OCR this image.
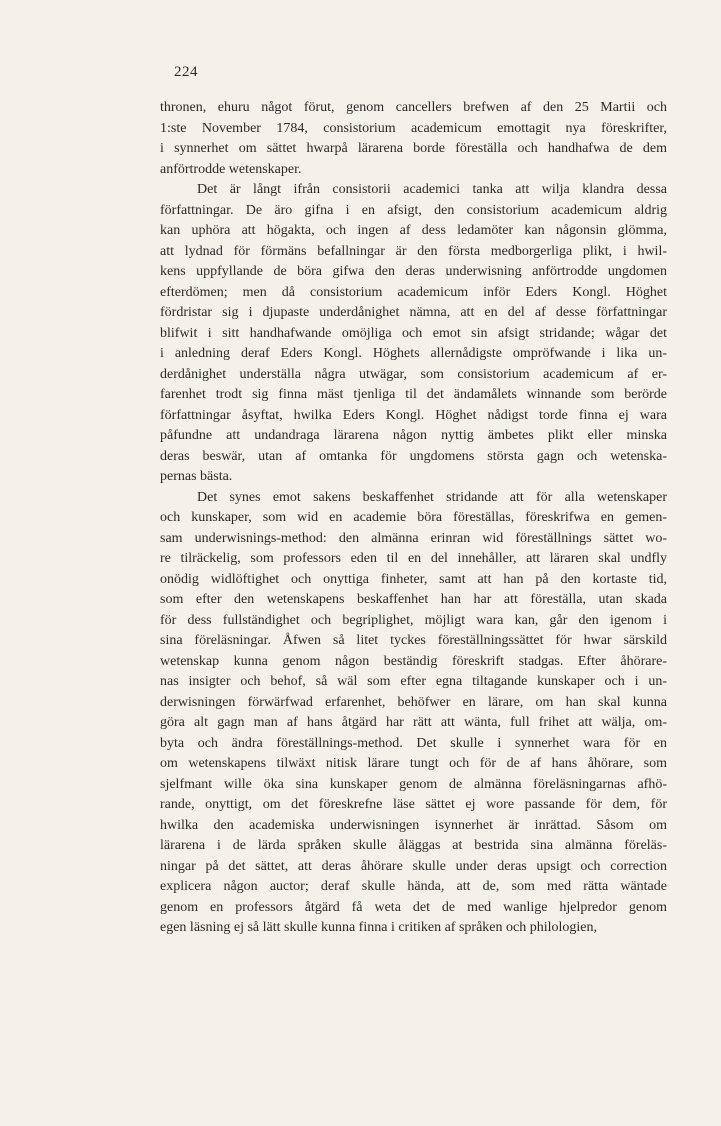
224
thronen, ehuru något förut, genom cancellers brefwen af den 25 Martii och
1:ste November 1784, consistorium academicum emottagit nya föreskrifter,
i synnerhet om sättet hwarpå lärarena borde föreställa och handhafwa de dem
anförtrodde wetenskaper.
Det är långt ifrån consistorii academici tanka att wilja klandra dessa
författningar. De äro gifna i en afsigt, den consistorium academicum aldrig
kan uphöra att högakta, och ingen af dess ledamöter kan någonsin glömma,
att lydnad för förmäns befallningar är den första medborgerliga plikt, i hwil-
kens uppfyllande de böra gifwa den deras underwisning anförtrodde ungdomen
efterdömen; men då consistorium academicum inför Eders Kongl. Höghet
fördristar sig i djupaste underdånighet nämna, att en del af desse författningar
blifwit i sitt handhafwande omöjliga och emot sin afsigt stridande; wågar det
i anledning deraf Eders Kongl. Höghets allernådigste ompröfwande i lika un-
derdånighet underställa några utwägar, som consistorium academicum af er-
farenhet trodt sig finna mäst tjenliga til det ändamålets winnande som berörde
författningar åsyftat, hwilka Eders Kongl. Höghet nådigst torde finna ej wara
påfundne att undandraga lärarena någon nyttig ämbetes plikt eller minska
deras beswär, utan af omtanka för ungdomens största gagn och wetenska-
pernas bästa.
Det synes emot sakens beskaffenhet stridande att för alla wetenskaper
och kunskaper, som wid en academie böra föreställas, föreskrifwa en gemen-
sam underwisnings-method: den almänna erinran wid föreställnings sättet wo-
re tilräckelig, som professors eden til en del innehåller, att läraren skal undfly
onödig widlöftighet och onyttiga finheter, samt att han på den kortaste tid,
som efter den wetenskapens beskaffenhet han har att föreställa, utan skada
för dess fullständighet och begriplighet, möjligt wara kan, går den igenom i
sina föreläsningar. Åfwen så litet tyckes föreställningssättet för hwar särskild
wetenskap kunna genom någon beständig föreskrift stadgas. Efter åhörare-
nas insigter och behof, så wäl som efter egna tiltagande kunskaper och i un-
derwisningen förwärfwad erfarenhet, behöfwer en lärare, om han skal kunna
göra alt gagn man af hans åtgärd har rätt att wänta, full frihet att wälja, om-
byta och ändra föreställnings-method. Det skulle i synnerhet wara för en
om wetenskapens tilwäxt nitisk lärare tungt och för de af hans åhörare, som
sjelfmant wille öka sina kunskaper genom de almänna föreläsningarnas afhö-
rande, onyttigt, om det föreskrefne läse sättet ej wore passande för dem, för
hwilka den academiska underwisningen isynnerhet är inrättad. Såsom om
lärarena i de lärda språken skulle åläggas at bestrida sina almänna föreläs-
ningar på det sättet, att deras åhörare skulle under deras upsigt och correction
explicera någon auctor; deraf skulle hända, att de, som med rätta wäntade
genom en professors åtgärd få weta det de med wanlige hjelpredor genom
egen läsning ej så lätt skulle kunna finna i critiken af språken och philologien,
